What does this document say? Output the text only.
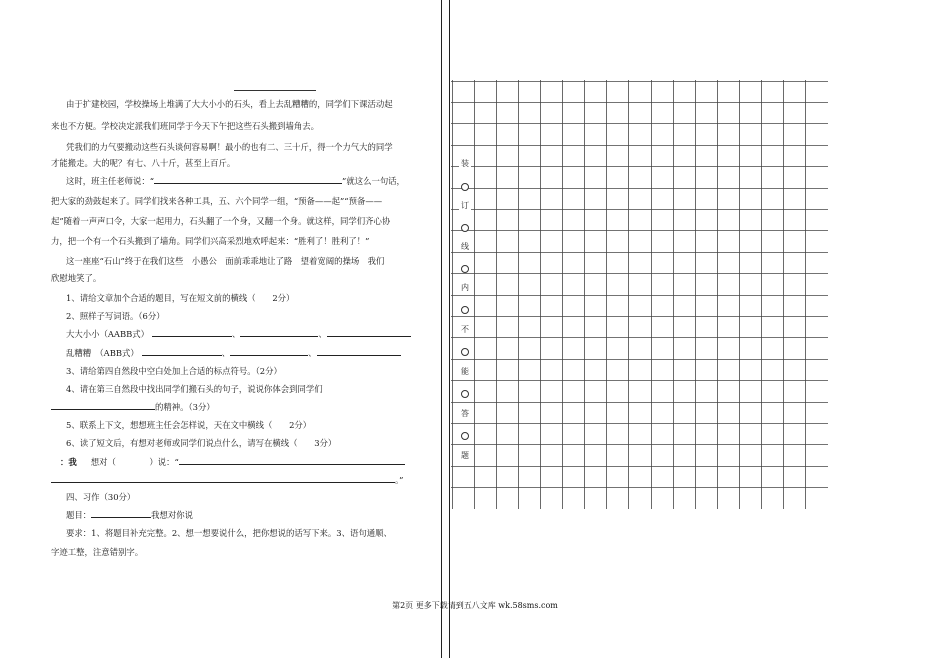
由于扩建校园，学校操场上堆满了大大小小的石头，看上去乱糟糟的，同学们下课活动起
来也不方便。学校决定派我们班同学于今天下午把这些石头搬到墙角去。
凭我们的力气要搬动这些石头谈何容易啊！最小的也有二、三十斤，得一个力气大的同学
才能搬走。大的呢？有七、八十斤，甚至上百斤。
这时，班主任老师说：“	”就这么一句话，
把大家的劲鼓起来了。同学们找来各种工具，五、六个同学一组，“预备——起”“预备——
起”随着一声声口令，大家一起用力，石头翻了一个身，又翻一个身。就这样，同学们齐心协
力，把一个有一个石头搬到了墙角。同学们兴高采烈地欢呼起来：“胜利了！胜利了！”
这一座座“石山”终于在我们这些　小愚公　面前乖乖地让了路　望着宽阔的操场　我们
欣慰地笑了。
1、请给文章加个合适的题目，写在短文前的横线（　　2分）
2、照样子写词语。（6分）
大大小小（AABB式）	、	、
乱糟糟　（ABB式）	、	、
3、请给第四自然段中空白处加上合适的标点符号。（2分）
4、请在第三自然段中找出同学们搬石头的句子，说说你体会到同学们
的精神。（3分）
5、联系上下文，想想班主任会怎样说，天在文中横线（　　2分）
6、读了短文后，有想对老师或同学们说点什么，请写在横线（　　3分）
：我 想对（　　　　）说：“
。”
四、习作（30分）
题目：	我想对你说
要求：1、将题目补充完整。2、想一想要说什么，把你想说的话写下来。3、语句通顺、
字迹工整，注意错别字。
装
订
线
内
不
能
答
题
第2页 更多下载请到五八文库 wk.58sms.com
